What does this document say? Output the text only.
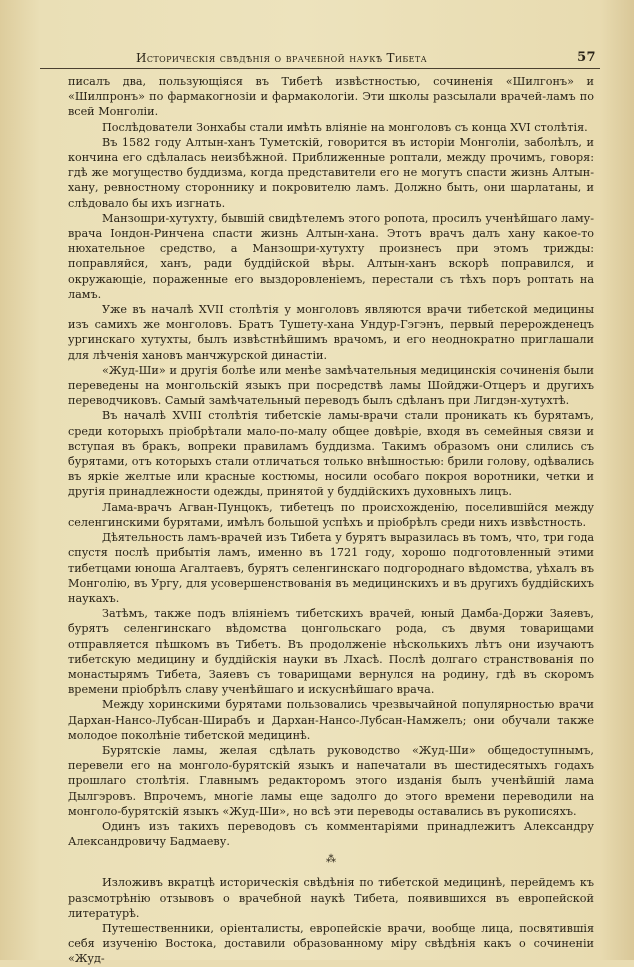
Историческія свѣдѣнія о врачебной наукѣ Тибета	57

писалъ два, пользующіяся въ Тибетѣ извѣстностью, сочиненія «Шилгонъ» и «Шилпронъ» по фармакогнозіи и фармакологіи. Эти школы разсылали врачей-ламъ по всей Монголіи.

Послѣдователи Зонхабы стали имѣть вліяніе на монголовъ съ конца XVI столѣтія.

Въ 1582 году Алтын-ханъ Туметскій, говорится въ исторіи Монголіи, заболѣлъ, и кончина его сдѣлалась неизбѣжной. Приближенные роптали, между прочимъ, говоря: гдѣ же могущество буддизма, когда представители его не могутъ спасти жизнь Алтын-хану, ревностному стороннику и покровителю ламъ. Должно быть, они шарлатаны, и слѣдовало бы ихъ изгнать.

Манзошри-хутухту, бывшій свидѣтелемъ этого ропота, просилъ ученѣйшаго ламу-врача Іондон-Ринчена спасти жизнь Алтын-хана. Этотъ врачъ далъ хану какое-то нюхательное средство, а Манзошри-хутухту произнесъ при этомъ трижды: поправляйся, ханъ, ради буддійской вѣры. Алтын-ханъ вскорѣ поправился, и окружающіе, пораженные его выздоровленіемъ, перестали съ тѣхъ поръ роптать на ламъ.

Уже въ началѣ XVII столѣтія у монголовъ являются врачи тибетской медицины изъ самихъ же монголовъ. Братъ Тушету-хана Ундур-Гэгэнъ, первый перерожденецъ ургинскаго хутухты, былъ извѣстнѣйшимъ врачомъ, и его неоднократно приглашали для лѣченія хановъ манчжурской династіи.

«Жуд-Ши» и другія болѣе или менѣе замѣчательныя медицинскія сочиненія были переведены на монгольскій языкъ при посредствѣ ламы Шойджи-Отцеръ и другихъ переводчиковъ. Самый замѣчательный переводъ былъ сдѣланъ при Лигдэн-хутухтѣ.

Въ началѣ XVIII столѣтія тибетскіе ламы-врачи стали проникать къ бурятамъ, среди которыхъ пріобрѣтали мало-по-малу общее довѣріе, входя въ семейныя связи и вступая въ бракъ, вопреки правиламъ буддизма. Такимъ образомъ они слились съ бурятами, отъ которыхъ стали отличаться только внѣшностью: брили голову, одѣвались въ яркіе желтые или красные костюмы, носили особаго покроя воротники, четки и другія принадлежности одежды, принятой у буддійскихъ духовныхъ лицъ.

Лама-врачъ Агван-Пунцокъ, тибетецъ по происхожденію, поселившійся между селенгинскими бурятами, имѣлъ большой успѣхъ и пріобрѣлъ среди нихъ извѣстность.

Дѣятельность ламъ-врачей изъ Тибета у бурятъ выразилась въ томъ, что, три года спустя послѣ прибытія ламъ, именно въ 1721 году, хорошо подготовленный этими тибетцами юноша Агалтаевъ, бурятъ селенгинскаго подгороднаго вѣдомства, уѣхалъ въ Монголію, въ Ургу, для усовершенствованія въ медицинскихъ и въ другихъ буддійскихъ наукахъ.

Затѣмъ, также подъ вліяніемъ тибетскихъ врачей, юный Дамба-Доржи Заяевъ, бурятъ селенгинскаго вѣдомства цонгольскаго рода, съ двумя товарищами отправляется пѣшкомъ въ Тибетъ. Въ продолженіе нѣсколькихъ лѣтъ они изучаютъ тибетскую медицину и буддійскія науки въ Лхасѣ. Послѣ долгаго странствованія по монастырямъ Тибета, Заяевъ съ товарищами вернулся на родину, гдѣ въ скоромъ времени пріобрѣлъ славу ученѣйшаго и искуснѣйшаго врача.

Между хоринскими бурятами пользовались чрезвычайной популярностью врачи Дархан-Нансо-Лубсан-Ширабъ и Дархан-Нансо-Лубсан-Намжелъ; они обучали также молодое поколѣніе тибетской медицинѣ.

Бурятскіе ламы, желая сдѣлать руководство «Жуд-Ши» общедоступнымъ, перевели его на монголо-бурятскій языкъ и напечатали въ шестидесятыхъ годахъ прошлаго столѣтія. Главнымъ редакторомъ этого изданія былъ ученѣйшій лама Дылгэровъ. Впрочемъ, многіе ламы еще задолго до этого времени переводили на монголо-бурятскій языкъ «Жуд-Ши», но всѣ эти переводы оставались въ рукописяхъ.

Одинъ изъ такихъ переводовъ съ комментаріями принадлежитъ Александру Александровичу Бадмаеву.

⁂

Изложивъ вкратцѣ историческія свѣдѣнія по тибетской медицинѣ, перейдемъ къ разсмотрѣнію отзывовъ о врачебной наукѣ Тибета, появившихся въ европейской литературѣ.

Путешественники, оріенталисты, европейскіе врачи, вообще лица, посвятившія себя изученію Востока, доставили образованному міру свѣдѣнія какъ о сочиненіи «Жуд-
